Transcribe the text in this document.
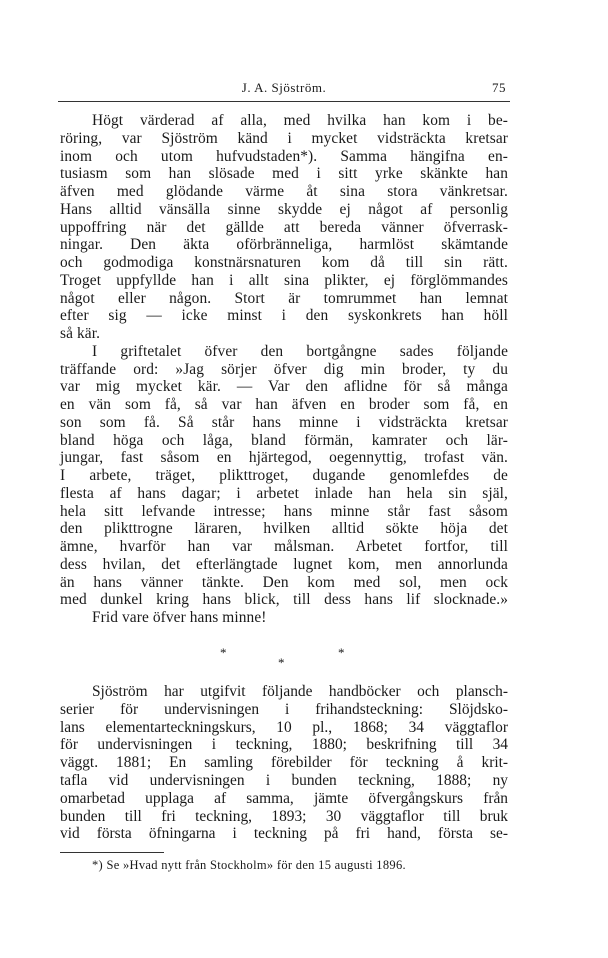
J. A. Sjöström.	75
Högt värderad af alla, med hvilka han kom i be-
röring, var Sjöström känd i mycket vidsträckta kretsar
inom och utom hufvudstaden*). Samma hängifna en-
tusiasm som han slösade med i sitt yrke skänkte han
äfven med glödande värme åt sina stora vänkretsar.
Hans alltid vänsälla sinne skydde ej något af personlig
uppoffring när det gällde att bereda vänner öfverrask-
ningar. Den äkta oförbränneliga, harmlöst skämtande
och godmodiga konstnärsnaturen kom då till sin rätt.
Troget uppfyllde han i allt sina plikter, ej förglömmandes
något eller någon. Stort är tomrummet han lemnat
efter sig — icke minst i den syskonkrets han höll
så kär.
I griftetalet öfver den bortgångne sades följande
träffande ord: »Jag sörjer öfver dig min broder, ty du
var mig mycket kär. — Var den aflidne för så många
en vän som få, så var han äfven en broder som få, en
son som få. Så står hans minne i vidsträckta kretsar
bland höga och låga, bland förmän, kamrater och lär-
jungar, fast såsom en hjärtegod, oegennyttig, trofast vän.
I arbete, träget, plikttroget, dugande genomlefdes de
flesta af hans dagar; i arbetet inlade han hela sin själ,
hela sitt lefvande intresse; hans minne står fast såsom
den plikttrogne läraren, hvilken alltid sökte höja det
ämne, hvarför han var målsman. Arbetet fortfor, till
dess hvilan, det efterlängtade lugnet kom, men annorlunda
än hans vänner tänkte. Den kom med sol, men ock
med dunkel kring hans blick, till dess hans lif slocknade.»
Frid vare öfver hans minne!
*
*
*
Sjöström har utgifvit följande handböcker och plansch-
serier för undervisningen i frihandsteckning: Slöjdsko-
lans elementarteckningskurs, 10 pl., 1868; 34 väggtaflor
för undervisningen i teckning, 1880; beskrifning till 34
väggt. 1881; En samling förebilder för teckning å krit-
tafla vid undervisningen i bunden teckning, 1888; ny
omarbetad upplaga af samma, jämte öfvergångskurs från
bunden till fri teckning, 1893; 30 väggtaflor till bruk
vid första öfningarna i teckning på fri hand, första se-
*) Se »Hvad nytt från Stockholm» för den 15 augusti 1896.
